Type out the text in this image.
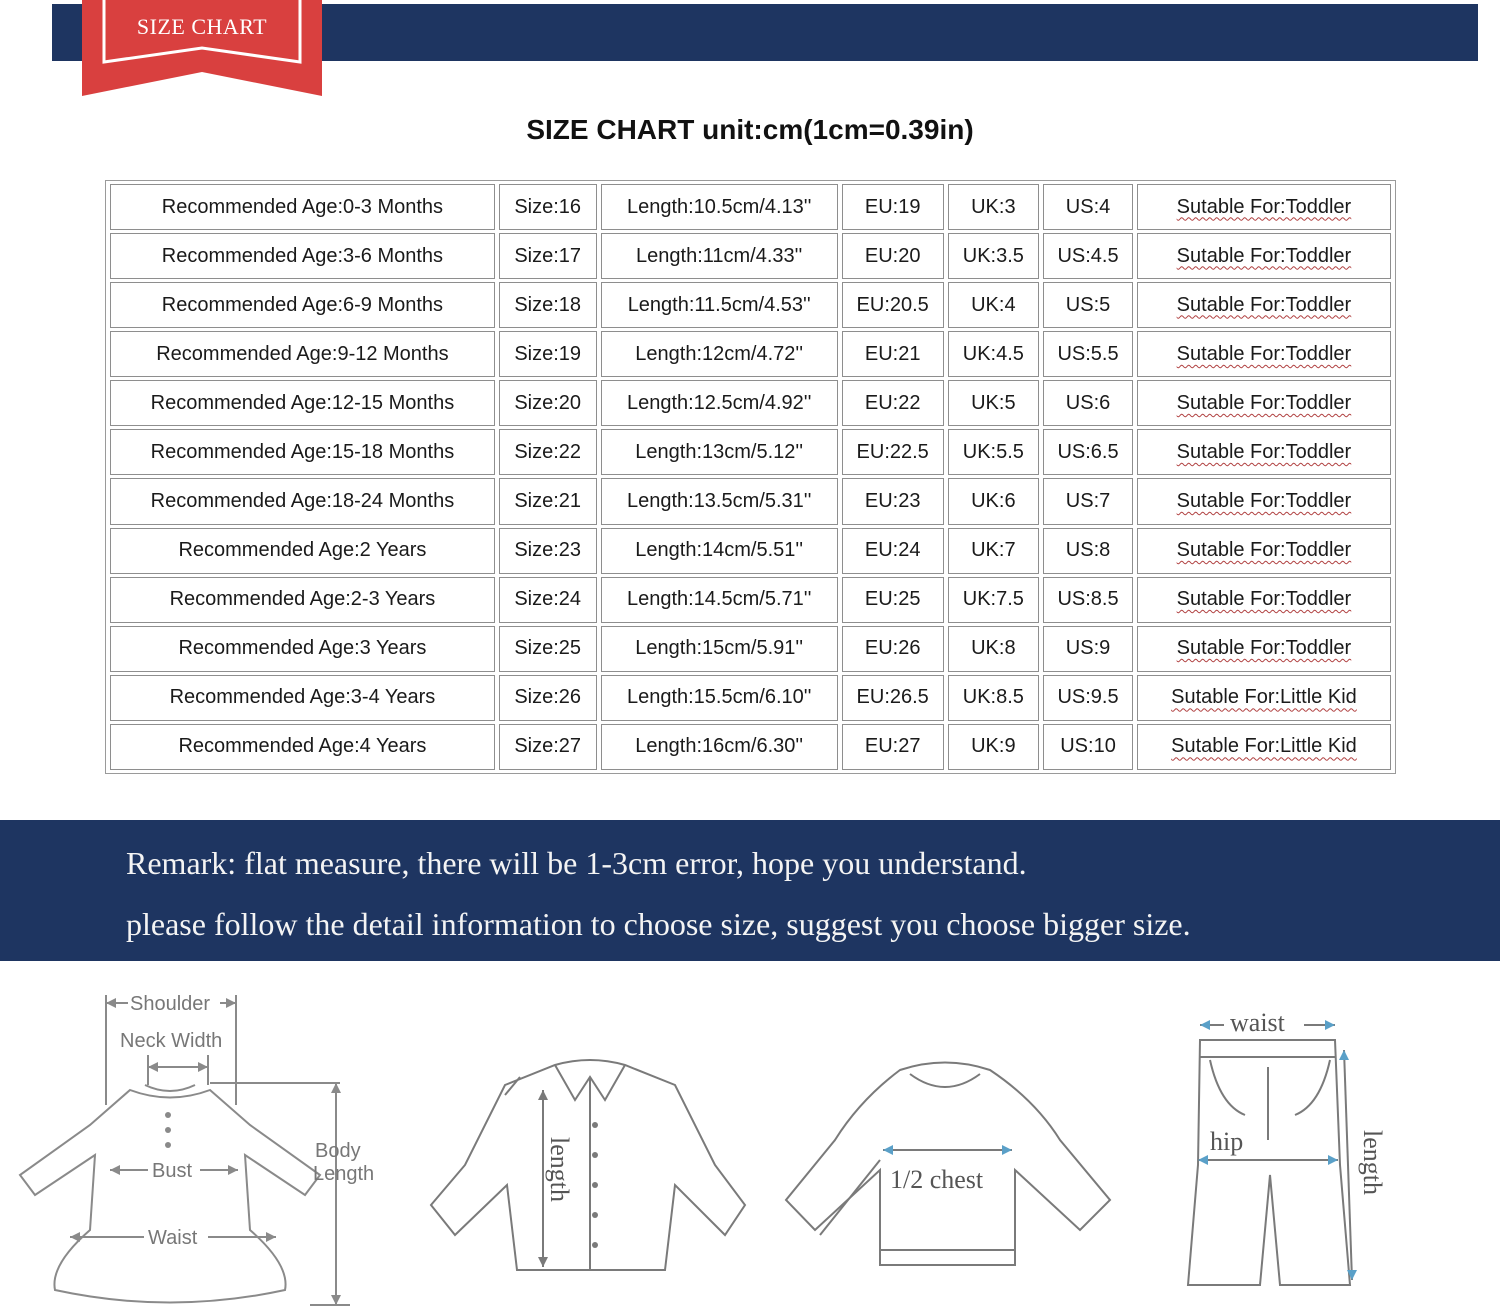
SIZE CHART
SIZE CHART unit:cm(1cm=0.39in)
Recommended Age:0-3 Months	Size:16	Length:10.5cm/4.13''	EU:19	UK:3	US:4	Sutable For:Toddler
Recommended Age:3-6 Months	Size:17	Length:11cm/4.33''	EU:20	UK:3.5	US:4.5	Sutable For:Toddler
Recommended Age:6-9 Months	Size:18	Length:11.5cm/4.53''	EU:20.5	UK:4	US:5	Sutable For:Toddler
Recommended Age:9-12 Months	Size:19	Length:12cm/4.72''	EU:21	UK:4.5	US:5.5	Sutable For:Toddler
Recommended Age:12-15 Months	Size:20	Length:12.5cm/4.92''	EU:22	UK:5	US:6	Sutable For:Toddler
Recommended Age:15-18 Months	Size:22	Length:13cm/5.12''	EU:22.5	UK:5.5	US:6.5	Sutable For:Toddler
Recommended Age:18-24 Months	Size:21	Length:13.5cm/5.31''	EU:23	UK:6	US:7	Sutable For:Toddler
Recommended Age:2 Years	Size:23	Length:14cm/5.51''	EU:24	UK:7	US:8	Sutable For:Toddler
Recommended Age:2-3 Years	Size:24	Length:14.5cm/5.71''	EU:25	UK:7.5	US:8.5	Sutable For:Toddler
Recommended Age:3 Years	Size:25	Length:15cm/5.91''	EU:26	UK:8	US:9	Sutable For:Toddler
Recommended Age:3-4 Years	Size:26	Length:15.5cm/6.10''	EU:26.5	UK:8.5	US:9.5	Sutable For:Little Kid
Recommended Age:4 Years	Size:27	Length:16cm/6.30''	EU:27	UK:9	US:10	Sutable For:Little Kid
Remark: flat measure, there will be 1-3cm error, hope you understand.
please follow the detail information to choose size, suggest you choose bigger size.
Shoulder
Neck Width
Body
Length
Bust
Waist
length	1/2 chest
waist
hip	length
